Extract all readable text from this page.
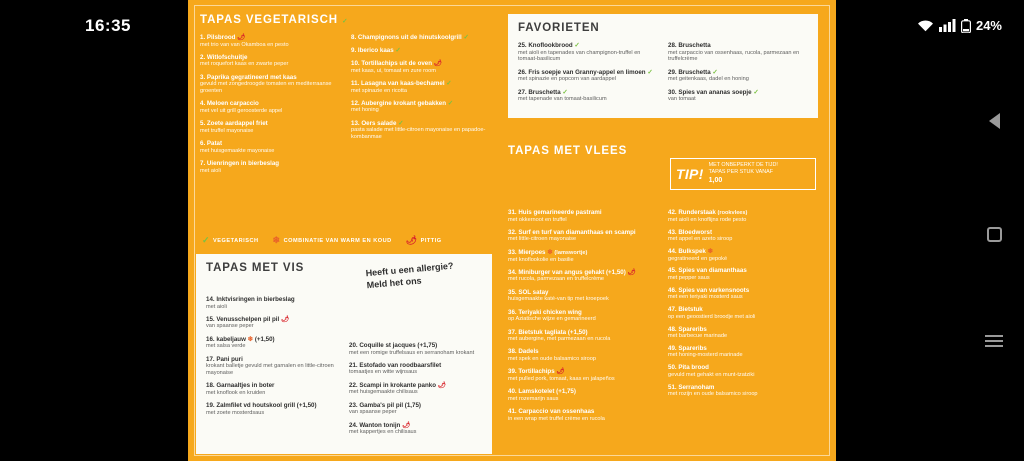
16:35	24%
TAPAS VEGETARISCH ✓
1. Pilsbrood 🌶
met trio van van Okamboa en pesto
2. Witlofschuitje
met roquefort kaas en zwarte peper
3. Paprika gegratineerd met kaas
gevuld met zongedroogde tomaten en mediterraanse groenten
4. Meloen carpaccio
met vel uit grill geroosterde appel
5. Zoete aardappel friet
met truffel mayonaise
6. Patat
met huisgemaakte mayonaise
7. Uienringen in bierbeslag
met aioli
8. Champignons uit de hinutskoolgrill ✓
9. Iberico kaas ✓
10. Tortillachips uit de oven 🌶
met kaas, ui, tomaat en zure room
11. Lasagna van kaas-bechamel ✓
met spinazie en ricotta
12. Aubergine krokant gebakken ✓
met honing
13. Oers salade ✓
pasta salade met little-citroen mayonaise en papadoe-kombanmae
✓ VEGETARISCH ❄ COMBINATIE VAN WARM EN KOUD 🌶 PITTIG
FAVORIETEN
25. Knoflookbrood ✓
met aioli en tapenades van champignon-truffel en tomaat-basilicum
26. Fris soepje van Granny-appel en limoen ✓
met spinazie en popcorn van aardappel
27. Bruschetta ✓
met tapenade van tomaat-basilicum
28. Bruschetta
met carpaccio van ossenhaas, rucola, parmezaan en truffelcrème
29. Bruschetta ✓
met geitenkaas, dadel en honing
30. Spies van ananas soepje ✓
van tomaat
TAPAS MET VLEES
31. Huis gemarineerde pastrami
met okkernoot en truffel
32. Surf en turf van diamanthaas en scampi
met little-citroen mayonaise
33. Mierpoes ❄ (lamswortje)
met knoflookolie en basilie
34. Miniburger van angus gehakt (+1,50) 🌶
met rucola, parmezaan en truffelcrème
35. SOL satay
huisgemaakte katé-van tip met kroepoek
36. Teriyaki chicken wing
op Aziatische wijze en gemarineerd
37. Bietstuk tagliata (+1,50)
met aubergine, met parmezaan en rucola
38. Dadels
met spek en oude balsamico siroop
39. Tortillachips 🌶
met pulled pork, tomaat, kaas en jalapeños
40. Lamskotelet (+1,75)
met rozemarijn saus
41. Carpaccio van ossenhaas
in een wrap met truffel crème en rucola
42. Runderstaak (rookvlees)
met aioli en knoflijns rode pesto
43. Bloedworst
met appel en azeto siroop
44. Bulkspek ❄
gegratineerd en gepoké
45. Spies van diamanthaas
met pepper saus
46. Spies van varkensnoots
met een teriyaki mosterd saus
47. Bietstuk
op een geoostierd broodje met aioli
48. Spareribs
met barbecue marinade
49. Spareribs
met honing-mosterd marinade
50. Pita brood
gevuld met gehakt en munt-tzatziki
51. Serranoham
met rozijn en oude balsamico siroop
TIP!
MET ONBEPERKT DE TIJD!
TAPAS PER STUK VANAF
1,00
TAPAS MET VIS
14. Inktvisringen in bierbeslag
met aioli
15. Venusschelpen pil pil 🌶
van spaanse peper
16. kabeljauw ❄ (+1,50)
met salsa verde
17. Pani puri
krokant balletje gevuld met garnalen en little-citroen mayonaise
18. Garnaaltjes in boter
met knoflook en kruiden
19. Zalmfilet vd houtskool grill (+1,50)
met zoete mosterdsaus
20. Coquille st jacques (+1,75)
met een romige truffelsaus en serranoham krokant
21. Estofado van roodbaarsfilet
tomaatjes en witte wijnsaus
22. Scampi in krokante panko 🌶
met huisgemaakte chilisaus
23. Gamba's pil pil (1,75)
van spaanse peper
24. Wanton tonijn 🌶
met kappertjes en chilisaus
Heeft u een allergie?
Meld het ons
